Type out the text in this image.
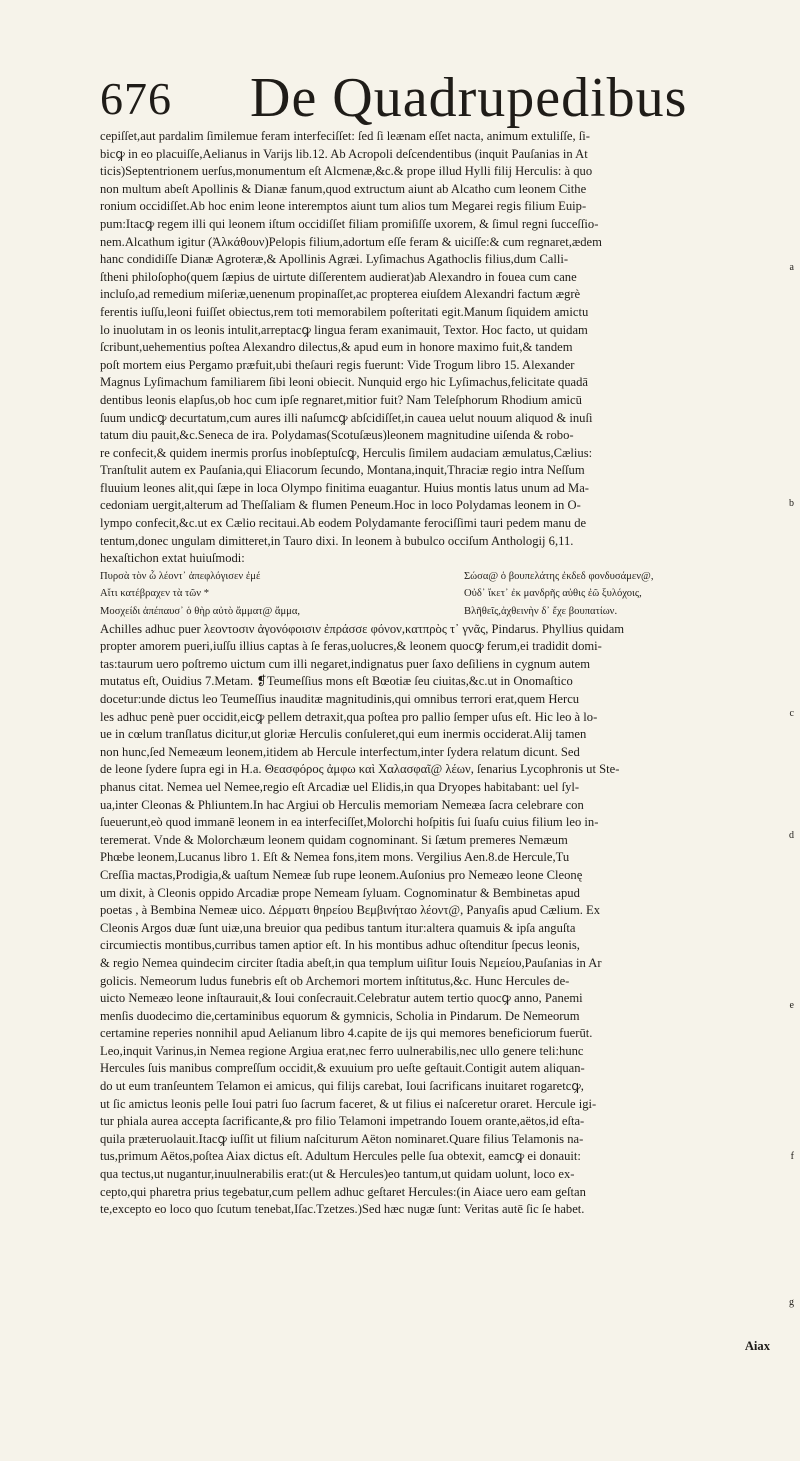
676 De Quadrupedibus
cepiſſet,aut pardalim ſimilemue feram interfeciſſet: ſed ſi leænam eſſet nacta, animum extuliſſe, ſi-
bicꝙ in eo placuiſſe,Aelianus in Varijs lib.12. Ab Acropoli deſcendentibus (inquit Pauſanias in At
ticis)Septentrionem uerſus,monumentum eſt Alcmenæ,&c.& prope illud Hylli filij Herculis: à quo
non multum abeſt Apollinis & Dianæ fanum,quod extructum aiunt ab Alcatho cum leonem Cithe
ronium occidiſſet.Ab hoc enim leone interemptos aiunt tum alios tum Megarei regis filium Euip-
pum:Itacꝙ regem illi qui leonem iſtum occidiſſet filiam promiſiſſe uxorem, & ſimul regni ſucceſſio-
nem.Alcathum igitur (Ἀλκάθουν)Pelopis filium,adortum eſſe feram & uiciſſe:& cum regnaret,ædem
hanc condidiſſe Dianæ Agroteræ,& Apollinis Agræi. Lyſimachus Agathoclis filius,dum Calli-
ſtheni philoſopho(quem ſæpius de uirtute diſſerentem audierat)ab Alexandro in fouea cum cane
incluſo,ad remedium miſeriæ,uenenum propinaſſet,ac propterea eiuſdem Alexandri factum ægrè
ferentis iuſſu,leoni fuiſſet obiectus,rem toti memorabilem poſteritati egit.Manum ſiquidem amictu
lo inuolutam in os leonis intulit,arreptacꝙ lingua feram exanimauit, Textor. Hoc facto, ut quidam
ſcribunt,uehementius poſtea Alexandro dilectus,& apud eum in honore maximo fuit,& tandem
poſt mortem eius Pergamo præfuit,ubi theſauri regis fuerunt: Vide Trogum libro 15. Alexander
Magnus Lyſimachum familiarem ſibi leoni obiecit. Nunquid ergo hic Lyſimachus,felicitate quadā
dentibus leonis elapſus,ob hoc cum ipſe regnaret,mitior fuit? Nam Teleſphorum Rhodium amicū
ſuum undicꝙ decurtatum,cum aures illi naſumcꝙ abſcidiſſet,in cauea uelut nouum aliquod & inuſi
tatum diu pauit,&c.Seneca de ira. Polydamas(Scotuſæus)leonem magnitudine uiſenda & robo-
re confecit,& quidem inermis prorſus inobſeptuſcꝙ, Herculis ſimilem audaciam æmulatus,Cælius:
Tranſtulit autem ex Pauſania,qui Eliacorum ſecundo, Montana,inquit,Thraciæ regio intra Neſſum
fluuium leones alit,qui ſæpe in loca Olympo finitima euagantur. Huius montis latus unum ad Ma-
cedoniam uergit,alterum ad Theſſaliam & flumen Peneum.Hoc in loco Polydamas leonem in O-
lympo confecit,&c.ut ex Cælio recitaui.Ab eodem Polydamante ferociſſimi tauri pedem manu de
tentum,donec ungulam dimitteret,in Tauro dixi. In leonem à bubulco occiſum Anthologij 6,11.
hexaſtichon extat huiuſmodi:
Πυρσὰ τὸν ὦ λέοντ᾽ ἀπεφλόγισεν ἐμέ	Σώσα@ ὁ βουπελάτης ἐκδεδ φονδυσάμεν@,
Αἴτι κατέβραχεν τὰ τῶν *	Οὐδ᾽ ἴκετ᾽ ἐκ μανδρῆς αὐθις ἐῶ ξυλόχοις,
Μοσχείδι ἀπέπαυσ᾽ ὁ θὴρ αὐτὸ ἄμματ@ ἄμμα,	Βλῆθεῖς,ἀχθεινὴν δ᾽ ἔχε βουπατίων.
Achilles adhuc puer λεοντοσιν ἀγονόφοισιν ἐπράσσε φόνον,κατπρὸς τ᾽ γνᾶς, Pindarus. Phyllius quidam
propter amorem pueri,iuſſu illius captas à ſe feras,uolucres,& leonem quocꝙ ferum,ei tradidit domi-
tas:taurum uero poſtremo uictum cum illi negaret,indignatus puer ſaxo deſiliens in cygnum autem
mutatus eſt, Ouidius 7.Metam. ❡Teumeſſius mons eſt Bœotiæ ſeu ciuitas,&c.ut in Onomaſtico
docetur:unde dictus leo Teumeſſius inauditæ magnitudinis,qui omnibus terrori erat,quem Hercu
les adhuc penè puer occidit,eicꝙ pellem detraxit,qua poſtea pro pallio ſemper uſus eſt. Hic leo à lo-
ue in cœlum tranſlatus dicitur,ut gloriæ Herculis conſuleret,qui eum inermis occiderat.Alij tamen
non hunc,ſed Nemeæum leonem,itidem ab Hercule interfectum,inter ſydera relatum dicunt. Sed
de leone ſydere ſupra egi in H.a. Θεασφόρος ἀμφω καὶ Χαλασφαῖ@ λέων, ſenarius Lycophronis ut Ste-
phanus citat. Nemea uel Nemee,regio eſt Arcadiæ uel Elidis,in qua Dryopes habitabant: uel ſyl-
ua,inter Cleonas & Phliuntem.In hac Argiui ob Herculis memoriam Nemeæa ſacra celebrare con
ſueuerunt,eò quod immanē leonem in ea interfeciſſet,Molorchi hoſpitis ſui ſuaſu cuius filium leo in-
teremerat. Vnde & Molorchæum leonem quidam cognominant. Si ſætum premeres Nemæum
Phœbe leonem,Lucanus libro 1. Eſt & Nemea fons,item mons. Vergilius Aen.8.de Hercule,Tu
Creſſia mactas,Prodigia,& uaſtum Nemeæ ſub rupe leonem.Auſonius pro Nemeæo leone Cleonę
um dixit, à Cleonis oppido Arcadiæ prope Nemeam ſyluam. Cognominatur & Bembinetas apud
poetas , à Bembina Nemeæ uico. Δέρματι θηρείου Βεμβινήταο λέοντ@, Panyaſis apud Cælium. Ex
Cleonis Argos duæ ſunt uiæ,una breuior qua pedibus tantum itur:altera quamuis & ipſa anguſta
circumiectis montibus,curribus tamen aptior eſt. In his montibus adhuc oſtenditur ſpecus leonis,
& regio Nemea quindecim circiter ſtadia abeſt,in qua templum uiſitur Iouis Νεμείου,Pauſanias in Ar
golicis. Nemeorum ludus funebris eſt ob Archemori mortem inſtitutus,&c. Hunc Hercules de-
uicto Nemeæo leone inſtaurauit,& Ioui conſecrauit.Celebratur autem tertio quocꝙ anno, Panemi
menſis duodecimo die,certaminibus equorum & gymnicis, Scholia in Pindarum. De Nemeorum
certamine reperies nonnihil apud Aelianum libro 4.capite de ijs qui memores beneficiorum fuerūt.
Leo,inquit Varinus,in Nemea regione Argiua erat,nec ferro uulnerabilis,nec ullo genere teli:hunc
Hercules ſuis manibus compreſſum occidit,& exuuium pro ueſte geſtauit.Contigit autem aliquan-
do ut eum tranſeuntem Telamon ei amicus, qui filijs carebat, Ioui ſacrificans inuitaret rogaretcꝙ,
ut ſic amictus leonis pelle Ioui patri ſuo ſacrum faceret, & ut filius ei naſceretur oraret. Hercule igi-
tur phiala aurea accepta ſacrificante,& pro filio Telamoni impetrando Iouem orante,aëtos,id eſta-
quila præteruolauit.Itacꝙ iuſſit ut filium naſciturum Aëton nominaret.Quare filius Telamonis na-
tus,primum Aëtos,poſtea Aiax dictus eſt. Adultum Hercules pelle ſua obtexit, eamcꝙ ei donauit:
qua tectus,ut nugantur,inuulnerabilis erat:(ut & Hercules)eo tantum,ut quidam uolunt, loco ex-
cepto,qui pharetra prius tegebatur,cum pellem adhuc geſtaret Hercules:(in Aiace uero eam geſtan
te,excepto eo loco quo ſcutum tenebat,Iſac.Tzetzes.)Sed hæc nugæ ſunt: Veritas autē ſic ſe habet.
a
b
c
d
e
f
g
Aiax
